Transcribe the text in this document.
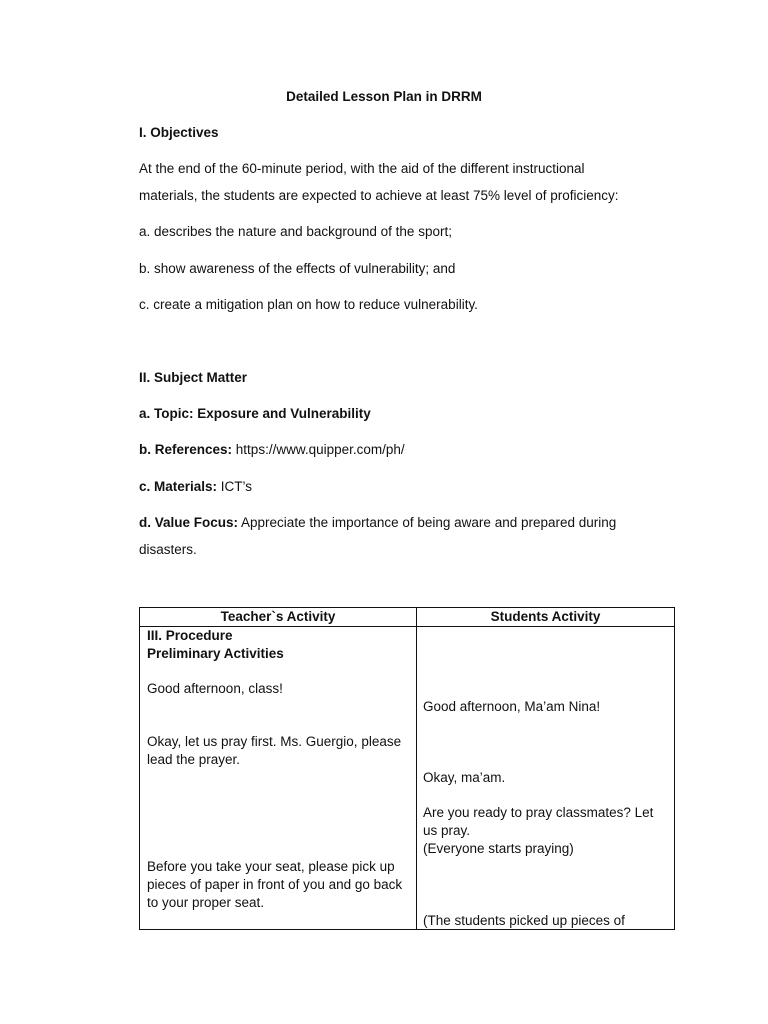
Detailed Lesson Plan in DRRM
I. Objectives
At the end of the 60-minute period, with the aid of the different instructional
materials, the students are expected to achieve at least 75% level of proficiency:
a. describes the nature and background of the sport;
b. show awareness of the effects of vulnerability; and
c. create a mitigation plan on how to reduce vulnerability.
II. Subject Matter
a. Topic: Exposure and Vulnerability
b. References: https://www.quipper.com/ph/
c. Materials: ICT’s
d. Value Focus: Appreciate the importance of being aware and prepared during
disasters.
Teacher`s Activity	Students Activity
III. Procedure
Preliminary Activities
Good afternoon, class!
Good afternoon, Ma’am Nina!
Okay, let us pray first. Ms. Guergio, please lead the prayer.
Okay, ma’am.
Are you ready to pray classmates? Let us pray.
(Everyone starts praying)
Before you take your seat, please pick up pieces of paper in front of you and go back to your proper seat.
(The students picked up pieces of
